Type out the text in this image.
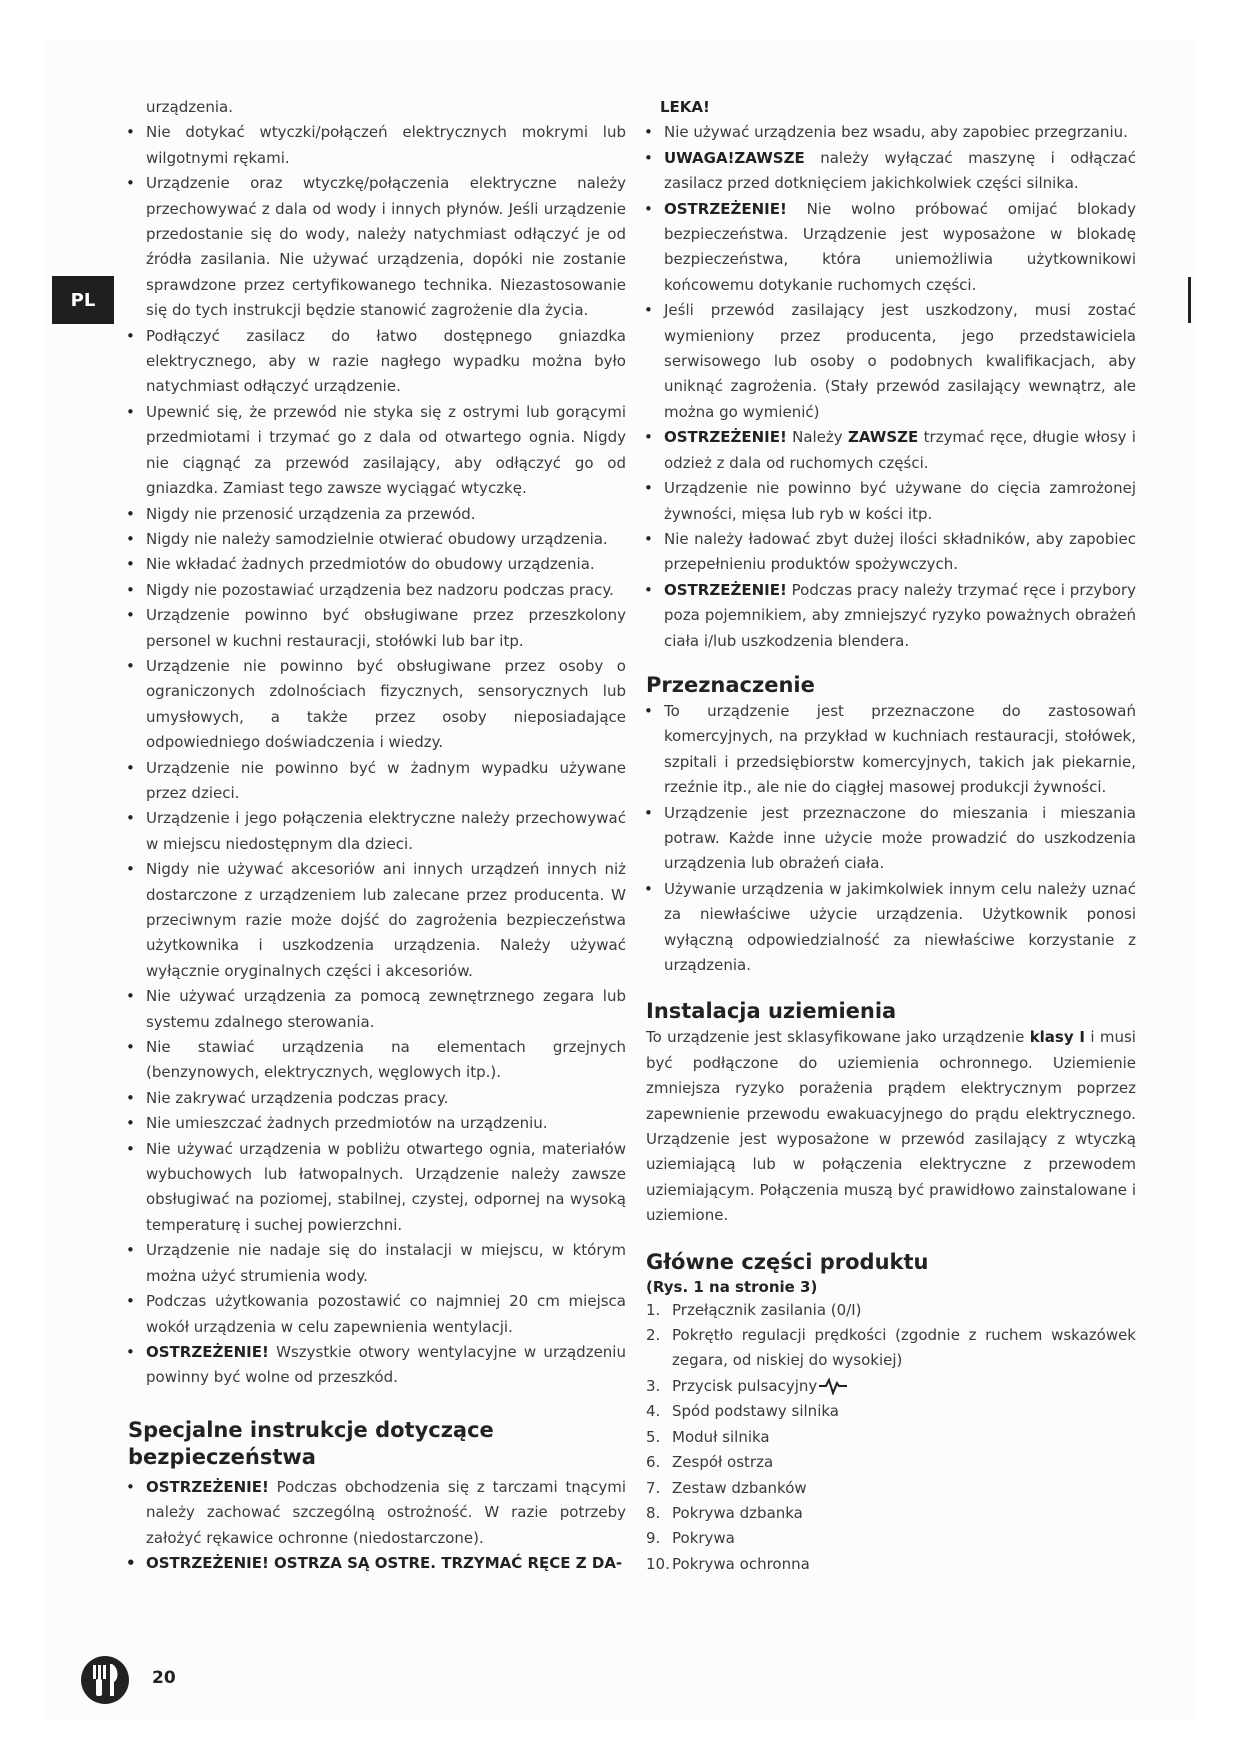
PL

urządzenia.

• Nie dotykać wtyczki/połączeń elektrycznych mokrymi lub wilgotnymi rękami.
• Urządzenie oraz wtyczkę/połączenia elektryczne należy przechowywać z dala od wody i innych płynów. Jeśli urządzenie przedostanie się do wody, należy natychmiast odłączyć je od źródła zasilania. Nie używać urządzenia, dopóki nie zostanie sprawdzone przez certyfikowanego technika. Niezastosowanie się do tych instrukcji będzie stanowić zagrożenie dla życia.
• Podłączyć zasilacz do łatwo dostępnego gniazdka elektrycznego, aby w razie nagłego wypadku można było natychmiast odłączyć urządzenie.
• Upewnić się, że przewód nie styka się z ostrymi lub gorącymi przedmiotami i trzymać go z dala od otwartego ognia. Nigdy nie ciągnąć za przewód zasilający, aby odłączyć go od gniazdka. Zamiast tego zawsze wyciągać wtyczkę.
• Nigdy nie przenosić urządzenia za przewód.
• Nigdy nie należy samodzielnie otwierać obudowy urządzenia.
• Nie wkładać żadnych przedmiotów do obudowy urządzenia.
• Nigdy nie pozostawiać urządzenia bez nadzoru podczas pracy.
• Urządzenie powinno być obsługiwane przez przeszkolony personel w kuchni restauracji, stołówki lub bar itp.
• Urządzenie nie powinno być obsługiwane przez osoby o ograniczonych zdolnościach fizycznych, sensorycznych lub umysłowych, a także przez osoby nieposiadające odpowiedniego doświadczenia i wiedzy.
• Urządzenie nie powinno być w żadnym wypadku używane przez dzieci.
• Urządzenie i jego połączenia elektryczne należy przechowywać w miejscu niedostępnym dla dzieci.
• Nigdy nie używać akcesoriów ani innych urządzeń innych niż dostarczone z urządzeniem lub zalecane przez producenta. W przeciwnym razie może dojść do zagrożenia bezpieczeństwa użytkownika i uszkodzenia urządzenia. Należy używać wyłącznie oryginalnych części i akcesoriów.
• Nie używać urządzenia za pomocą zewnętrznego zegara lub systemu zdalnego sterowania.
• Nie stawiać urządzenia na elementach grzejnych (benzynowych, elektrycznych, węglowych itp.).
• Nie zakrywać urządzenia podczas pracy.
• Nie umieszczać żadnych przedmiotów na urządzeniu.
• Nie używać urządzenia w pobliżu otwartego ognia, materiałów wybuchowych lub łatwopalnych. Urządzenie należy zawsze obsługiwać na poziomej, stabilnej, czystej, odpornej na wysoką temperaturę i suchej powierzchni.
• Urządzenie nie nadaje się do instalacji w miejscu, w którym można użyć strumienia wody.
• Podczas użytkowania pozostawić co najmniej 20 cm miejsca wokół urządzenia w celu zapewnienia wentylacji.
• OSTRZEŻENIE! Wszystkie otwory wentylacyjne w urządzeniu powinny być wolne od przeszkód.
Specjalne instrukcje dotyczące bezpieczeństwa
• OSTRZEŻENIE! Podczas obchodzenia się z tarczami tnącymi należy zachować szczególną ostrożność. W razie potrzeby założyć rękawice ochronne (niedostarczone).
• OSTRZEŻENIE! OSTRZA SĄ OSTRE. TRZYMAĆ RĘCE Z DA-

LEKA!

• Nie używać urządzenia bez wsadu, aby zapobiec przegrzaniu.
• UWAGA!ZAWSZE należy wyłączać maszynę i odłączać zasilacz przed dotknięciem jakichkolwiek części silnika.
• OSTRZEŻENIE! Nie wolno próbować omijać blokady bezpieczeństwa. Urządzenie jest wyposażone w blokadę bezpieczeństwa, która uniemożliwia użytkownikowi końcowemu dotykanie ruchomych części.
• Jeśli przewód zasilający jest uszkodzony, musi zostać wymieniony przez producenta, jego przedstawiciela serwisowego lub osoby o podobnych kwalifikacjach, aby uniknąć zagrożenia. (Stały przewód zasilający wewnątrz, ale można go wymienić)
• OSTRZEŻENIE! Należy ZAWSZE trzymać ręce, długie włosy i odzież z dala od ruchomych części.
• Urządzenie nie powinno być używane do cięcia zamrożonej żywności, mięsa lub ryb w kości itp.
• Nie należy ładować zbyt dużej ilości składników, aby zapobiec przepełnieniu produktów spożywczych.
• OSTRZEŻENIE! Podczas pracy należy trzymać ręce i przybory poza pojemnikiem, aby zmniejszyć ryzyko poważnych obrażeń ciała i/lub uszkodzenia blendera.
Przeznaczenie
• To urządzenie jest przeznaczone do zastosowań komercyjnych, na przykład w kuchniach restauracji, stołówek, szpitali i przedsiębiorstw komercyjnych, takich jak piekarnie, rzeźnie itp., ale nie do ciągłej masowej produkcji żywności.
• Urządzenie jest przeznaczone do mieszania i mieszania potraw. Każde inne użycie może prowadzić do uszkodzenia urządzenia lub obrażeń ciała.
• Używanie urządzenia w jakimkolwiek innym celu należy uznać za niewłaściwe użycie urządzenia. Użytkownik ponosi wyłączną odpowiedzialność za niewłaściwe korzystanie z urządzenia.
Instalacja uziemienia

To urządzenie jest sklasyfikowane jako urządzenie klasy I i musi być podłączone do uziemienia ochronnego. Uziemienie zmniejsza ryzyko porażenia prądem elektrycznym poprzez zapewnienie przewodu ewakuacyjnego do prądu elektrycznego. Urządzenie jest wyposażone w przewód zasilający z wtyczką uziemiającą lub w połączenia elektryczne z przewodem uziemiającym. Połączenia muszą być prawidłowo zainstalowane i uziemione.

Główne części produktu
(Rys. 1 na stronie 3)
1. Przełącznik zasilania (0/I)
2. Pokrętło regulacji prędkości (zgodnie z ruchem wskazówek zegara, od niskiej do wysokiej)
3. Przycisk pulsacyjny
4. Spód podstawy silnika
5. Moduł silnika
6. Zespół ostrza
7. Zestaw dzbanków
8. Pokrywa dzbanka
9. Pokrywa
10. Pokrywa ochronna
20
